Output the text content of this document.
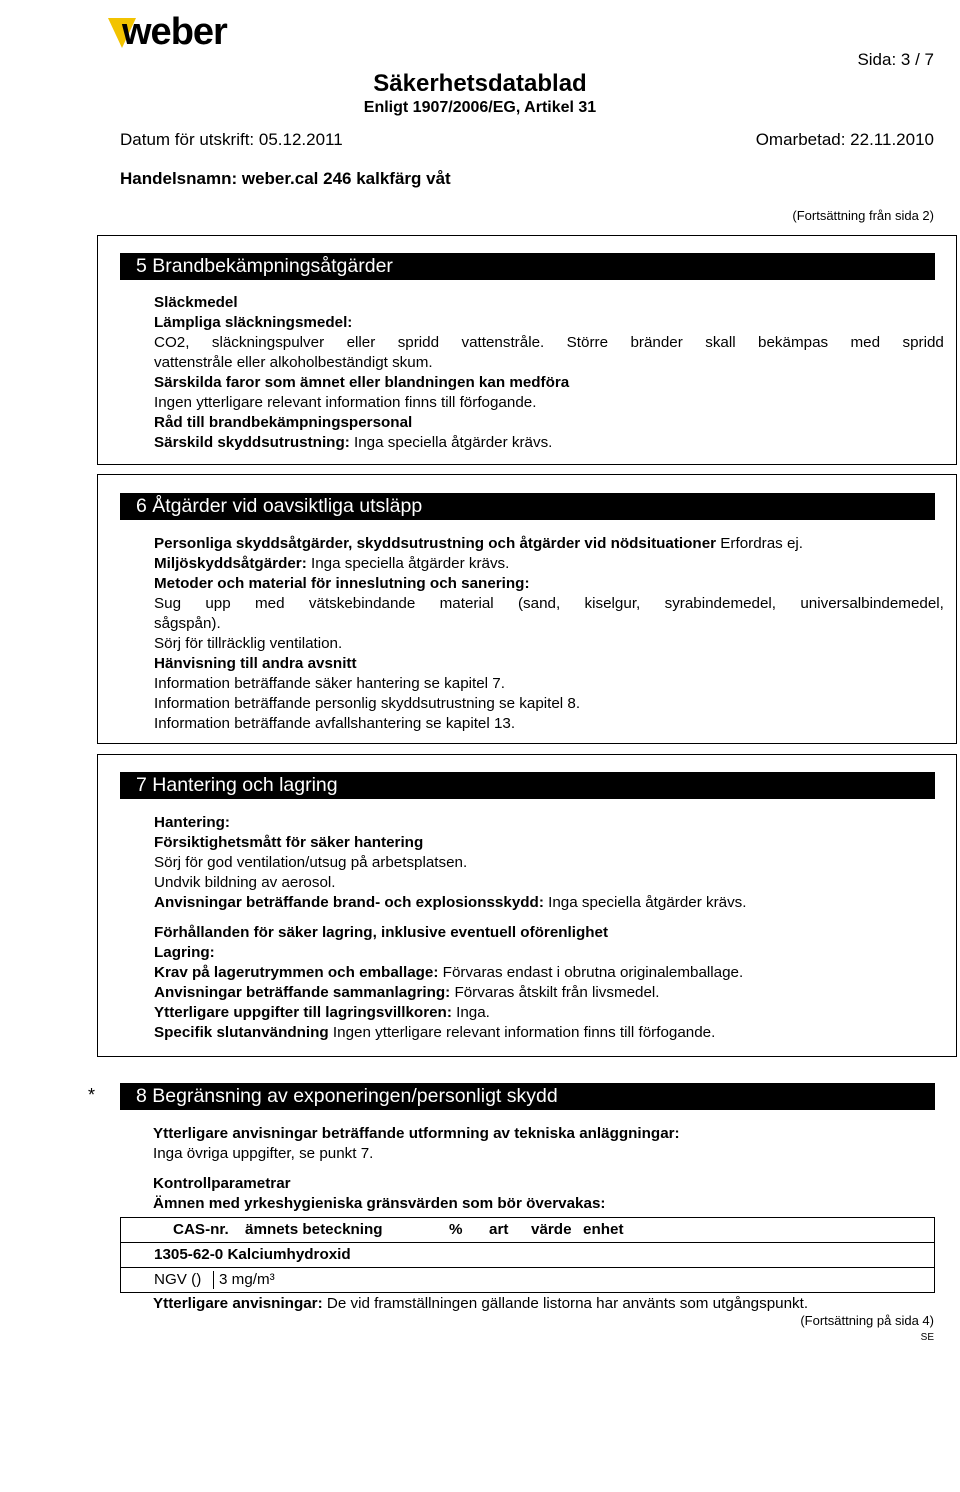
weber
Sida: 3 / 7
Säkerhetsdatablad
Enligt 1907/2006/EG, Artikel 31
Datum för utskrift: 05.12.2011	Omarbetad: 22.11.2010
Handelsnamn: weber.cal 246 kalkfärg våt
(Fortsättning från sida 2)
5 Brandbekämpningsåtgärder
Släckmedel
Lämpliga släckningsmedel:
CO2, släckningspulver eller spridd vattenstråle. Större bränder skall bekämpas med spridd
vattenstråle eller alkoholbeständigt skum.
Särskilda faror som ämnet eller blandningen kan medföra
Ingen ytterligare relevant information finns till förfogande.
Råd till brandbekämpningspersonal
Särskild skyddsutrustning: Inga speciella åtgärder krävs.
6 Åtgärder vid oavsiktliga utsläpp
Personliga skyddsåtgärder, skyddsutrustning och åtgärder vid nödsituationer Erfordras ej.
Miljöskyddsåtgärder: Inga speciella åtgärder krävs.
Metoder och material för inneslutning och sanering:
Sug upp med vätskebindande material (sand, kiselgur, syrabindemedel, universalbindemedel,
sågspån).
Sörj för tillräcklig ventilation.
Hänvisning till andra avsnitt
Information beträffande säker hantering se kapitel 7.
Information beträffande personlig skyddsutrustning se kapitel 8.
Information beträffande avfallshantering se kapitel 13.
7 Hantering och lagring
Hantering:
Försiktighetsmått för säker hantering
Sörj för god ventilation/utsug på arbetsplatsen.
Undvik bildning av aerosol.
Anvisningar beträffande brand- och explosionsskydd: Inga speciella åtgärder krävs.
Förhållanden för säker lagring, inklusive eventuell oförenlighet
Lagring:
Krav på lagerutrymmen och emballage: Förvaras endast i obrutna originalemballage.
Anvisningar beträffande sammanlagring: Förvaras åtskilt från livsmedel.
Ytterligare uppgifter till lagringsvillkoren: Inga.
Specifik slutanvändning Ingen ytterligare relevant information finns till förfogande.
*	8 Begränsning av exponeringen/personligt skydd
Ytterligare anvisningar beträffande utformning av tekniska anläggningar:
Inga övriga uppgifter, se punkt 7.
Kontrollparametrar
Ämnen med yrkeshygieniska gränsvärden som bör övervakas:
CAS-nr. ämnets beteckning	% art värde enhet
1305-62-0 Kalciumhydroxid
NGV () 3 mg/m³
Ytterligare anvisningar: De vid framställningen gällande listorna har använts som utgångspunkt.
(Fortsättning på sida 4)
SE
